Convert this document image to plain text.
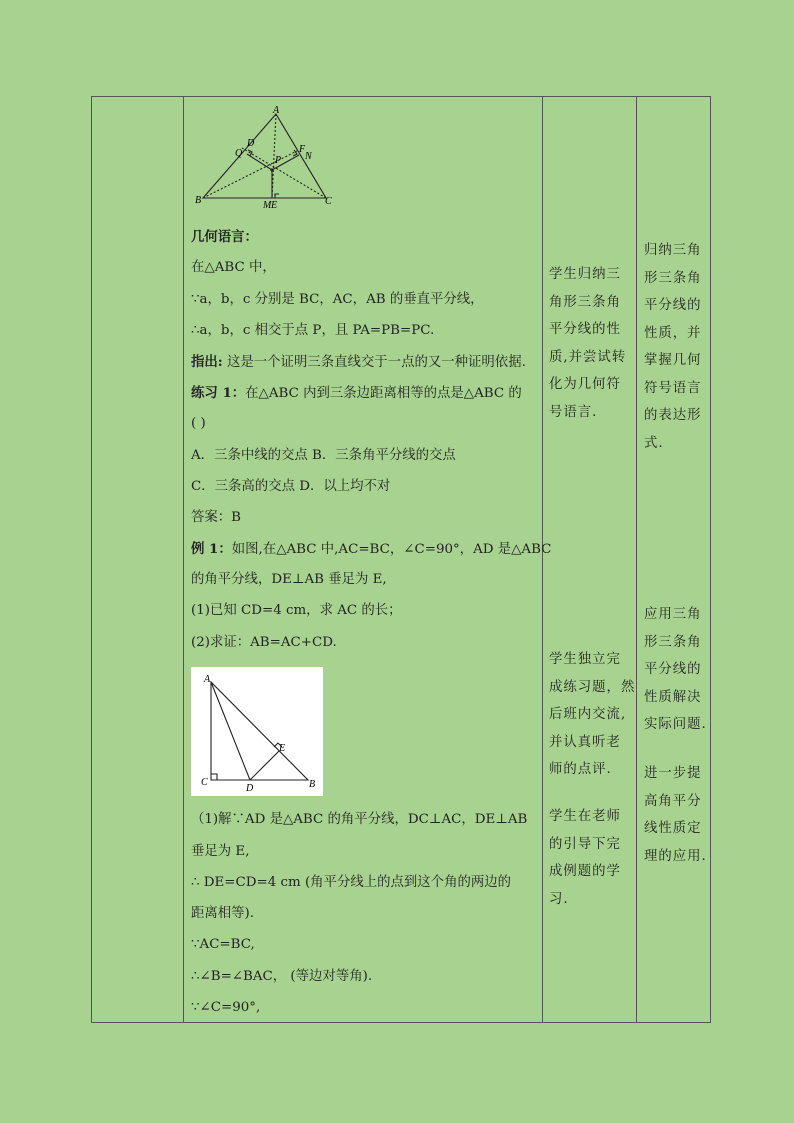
A
B	C
D
E
F
M
N
P
Q
几何语言：
在△ABC 中，
∵a，b，c 分别是 BC，AC，AB 的垂直平分线，
∴a，b，c 相交于点 P，且 PA=PB=PC.
指出: 这是一个证明三条直线交于一点的又一种证明依据.
练习 1：在△ABC 内到三条边距离相等的点是△ABC 的
( )
A．三条中线的交点 B．三条角平分线的交点
C．三条高的交点 D．以上均不对
答案：B
例 1：如图,在△ABC 中,AC=BC，∠C=90°，AD 是△ABC
的角平分线，DE⊥AB 垂足为 E,
(1)已知 CD=4 cm，求 AC 的长；
(2)求证：AB=AC+CD.
A
B
C
D
E
（1)解∵AD 是△ABC 的角平分线，DC⊥AC，DE⊥AB
垂足为 E,
∴ DE=CD=4 cm (角平分线上的点到这个角的两边的
距离相等).
∵AC=BC,
∴∠B=∠BAC， (等边对等角).
∵∠C=90°,
学生归纳三
角形三条角
平分线的性
质,并尝试转
化为几何符
号语言.
学生独立完
成练习题，然
后班内交流,
并认真听老
师的点评.
学生在老师
的引导下完
成例题的学
习.
归纳三角
形三条角
平分线的
性质，并
掌握几何
符号语言
的表达形
式.
应用三角
形三条角
平分线的
性质解决
实际问题.
进一步提
高角平分
线性质定
理的应用.
